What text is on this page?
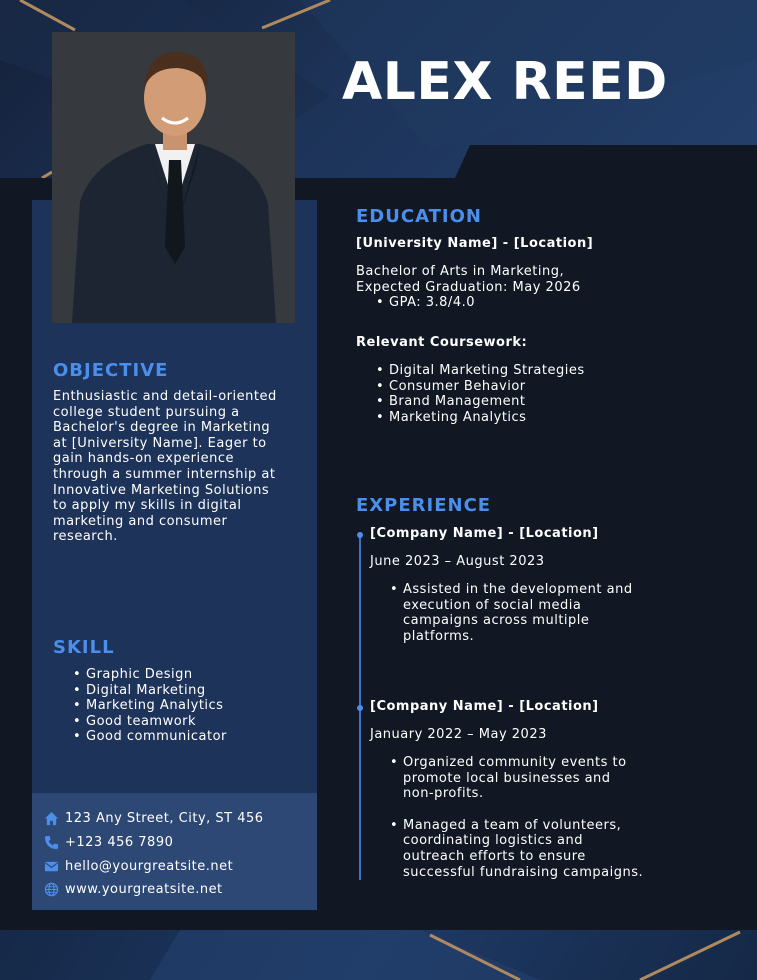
ALEX REED
OBJECTIVE
Enthusiastic and detail-oriented
college student pursuing a
Bachelor's degree in Marketing
at [University Name]. Eager to
gain hands-on experience
through a summer internship at
Innovative Marketing Solutions
to apply my skills in digital
marketing and consumer
research.
SKILL
• Graphic Design
• Digital Marketing
• Marketing Analytics
• Good teamwork
• Good communicator
123 Any Street, City, ST 456
+123 456 7890
hello@yourgreatsite.net
www.yourgreatsite.net
EDUCATION
[University Name] - [Location]
Bachelor of Arts in Marketing,
Expected Graduation: May 2026
• GPA: 3.8/4.0
Relevant Coursework:
• Digital Marketing Strategies
• Consumer Behavior
• Brand Management
• Marketing Analytics
EXPERIENCE
[Company Name] - [Location]
June 2023 – August 2023
• Assisted in the development and
execution of social media
campaigns across multiple
platforms.
[Company Name] - [Location]
January 2022 – May 2023
• Organized community events to
promote local businesses and
non-profits.
• Managed a team of volunteers,
coordinating logistics and
outreach efforts to ensure
successful fundraising campaigns.
